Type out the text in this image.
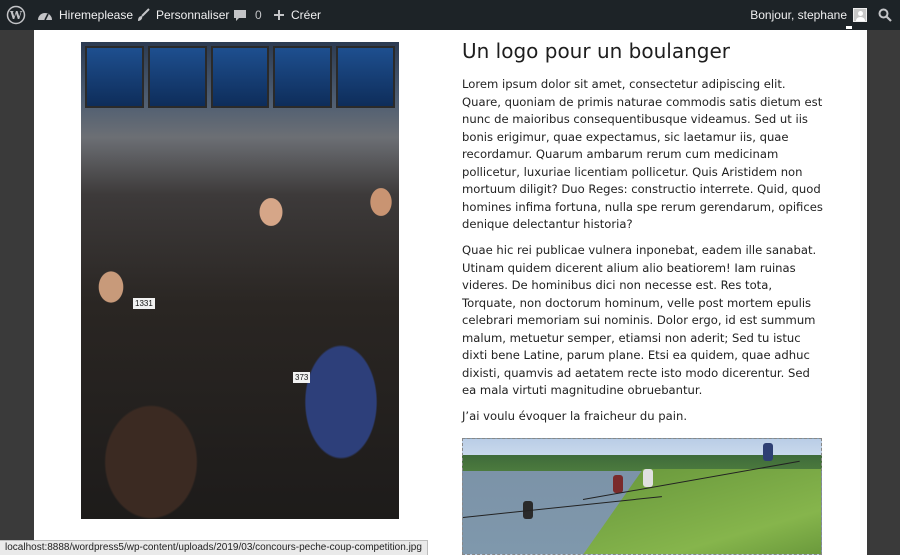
W	Hiremeplease Personnaliser 0 Créer	Bonjour, stephane
1331
373
Un logo pour un boulanger

Lorem ipsum dolor sit amet, consectetur adipiscing elit. Quare, quoniam de primis naturae commodis satis dietum est nunc de maioribus consequentibusque videamus. Sed ut iis bonis erigimur, quae expectamus, sic laetamur iis, quae recordamur. Quarum ambarum rerum cum medicinam pollicetur, luxuriae licentiam pollicetur. Quis Aristidem non mortuum diligit? Duo Reges: constructio interrete. Quid, quod homines infima fortuna, nulla spe rerum gerendarum, opifices denique delectantur historia?

Quae hic rei publicae vulnera inponebat, eadem ille sanabat. Utinam quidem dicerent alium alio beatiorem! Iam ruinas videres. De hominibus dici non necesse est. Res tota, Torquate, non doctorum hominum, velle post mortem epulis celebrari memoriam sui nominis. Dolor ergo, id est summum malum, metuetur semper, etiamsi non aderit; Sed tu istuc dixti bene Latine, parum plane. Etsi ea quidem, quae adhuc dixisti, quamvis ad aetatem recte isto modo dicerentur. Sed ea mala virtuti magnitudine obruebantur.

J’ai voulu évoquer la fraicheur du pain.

localhost:8888/wordpress5/wp-content/uploads/2019/03/concours-peche-coup-competition.jpg
